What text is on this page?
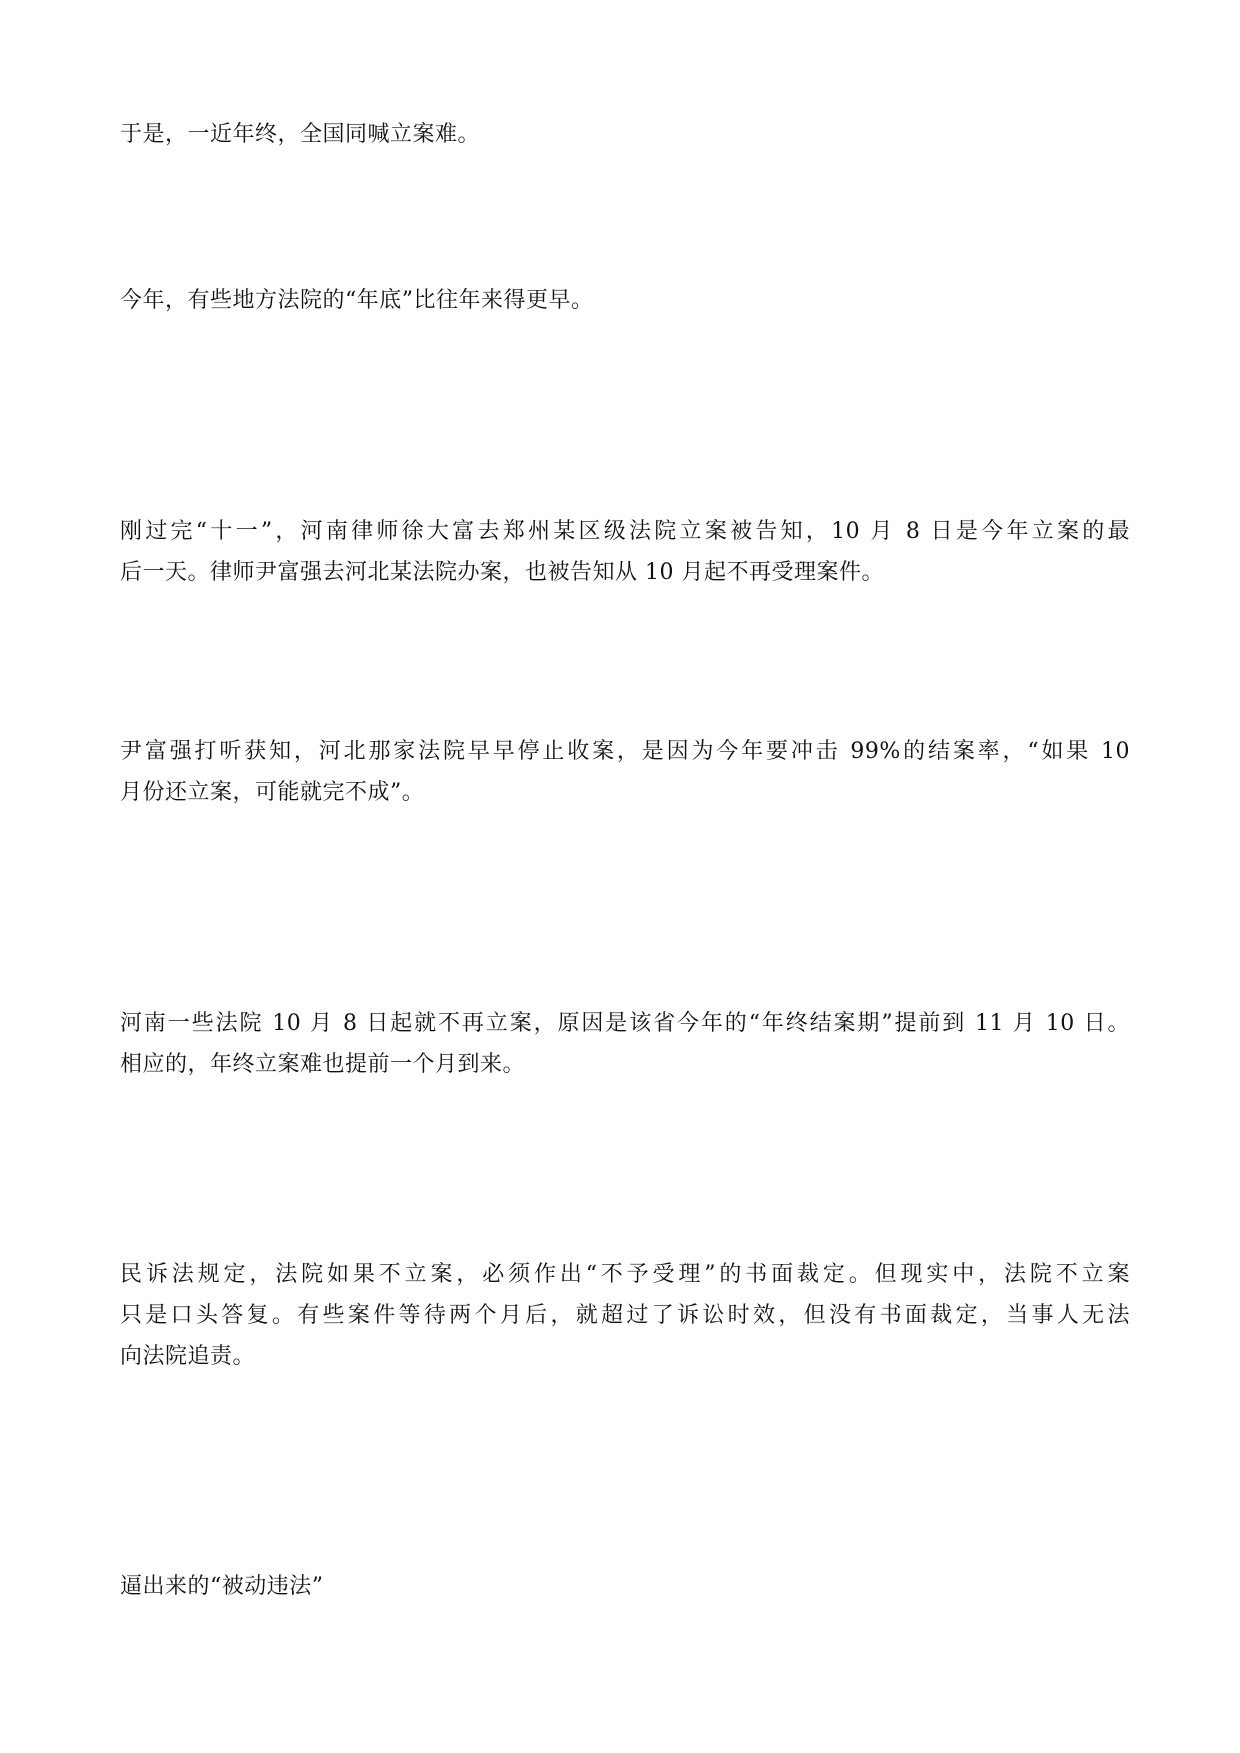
于是，一近年终，全国同喊立案难。

今年，有些地方法院的“年底”比往年来得更早。

刚过完“十一”，河南律师徐大富去郑州某区级法院立案被告知，10 月 8 日是今年立案的最
后一天。律师尹富强去河北某法院办案，也被告知从 10 月起不再受理案件。

尹富强打听获知，河北那家法院早早停止收案，是因为今年要冲击 99%的结案率，“如果 10
月份还立案，可能就完不成”。

河南一些法院 10 月 8 日起就不再立案，原因是该省今年的“年终结案期”提前到 11 月 10 日。
相应的，年终立案难也提前一个月到来。

民诉法规定，法院如果不立案，必须作出“不予受理”的书面裁定。但现实中，法院不立案
只是口头答复。有些案件等待两个月后，就超过了诉讼时效，但没有书面裁定，当事人无法
向法院追责。

逼出来的“被动违法”
